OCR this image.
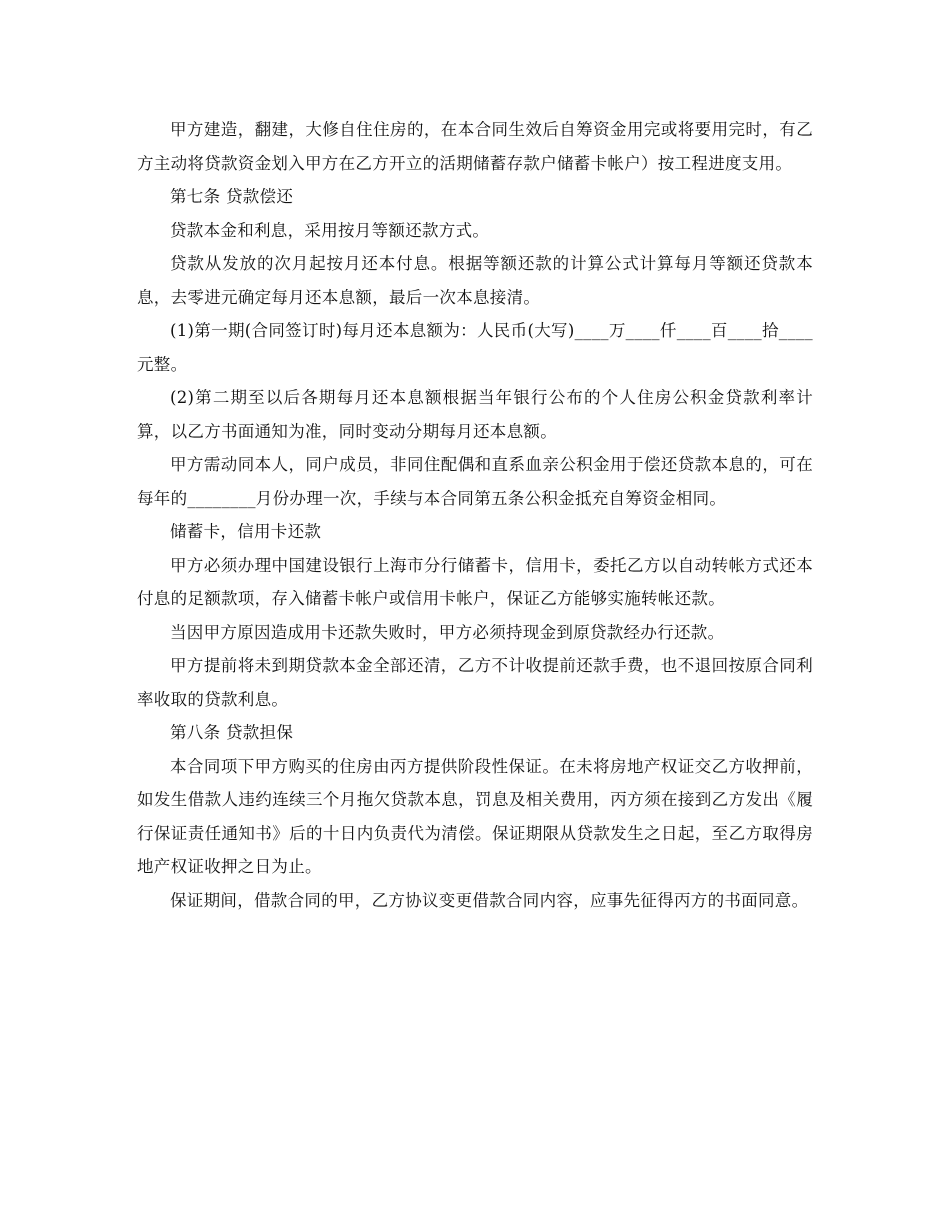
甲方建造，翻建，大修自住住房的，在本合同生效后自筹资金用完或将要用完时，有乙方主动将贷款资金划入甲方在乙方开立的活期储蓄存款户储蓄卡帐户）按工程进度支用。

第七条 贷款偿还

贷款本金和利息，采用按月等额还款方式。

贷款从发放的次月起按月还本付息。根据等额还款的计算公式计算每月等额还贷款本息，去零进元确定每月还本息额，最后一次本息接清。

(1)第一期(合同签订时)每月还本息额为：人民币(大写)____万____仟____百____拾____元整。

(2)第二期至以后各期每月还本息额根据当年银行公布的个人住房公积金贷款利率计算，以乙方书面通知为准，同时变动分期每月还本息额。

甲方需动同本人，同户成员，非同住配偶和直系血亲公积金用于偿还贷款本息的，可在每年的________月份办理一次，手续与本合同第五条公积金抵充自筹资金相同。

储蓄卡，信用卡还款

甲方必须办理中国建设银行上海市分行储蓄卡，信用卡，委托乙方以自动转帐方式还本付息的足额款项，存入储蓄卡帐户或信用卡帐户，保证乙方能够实施转帐还款。

当因甲方原因造成用卡还款失败时，甲方必须持现金到原贷款经办行还款。

甲方提前将未到期贷款本金全部还清，乙方不计收提前还款手费，也不退回按原合同利率收取的贷款利息。

第八条 贷款担保

本合同项下甲方购买的住房由丙方提供阶段性保证。在未将房地产权证交乙方收押前，如发生借款人违约连续三个月拖欠贷款本息，罚息及相关费用，丙方须在接到乙方发出《履行保证责任通知书》后的十日内负责代为清偿。保证期限从贷款发生之日起，至乙方取得房地产权证收押之日为止。

保证期间，借款合同的甲，乙方协议变更借款合同内容，应事先征得丙方的书面同意。
